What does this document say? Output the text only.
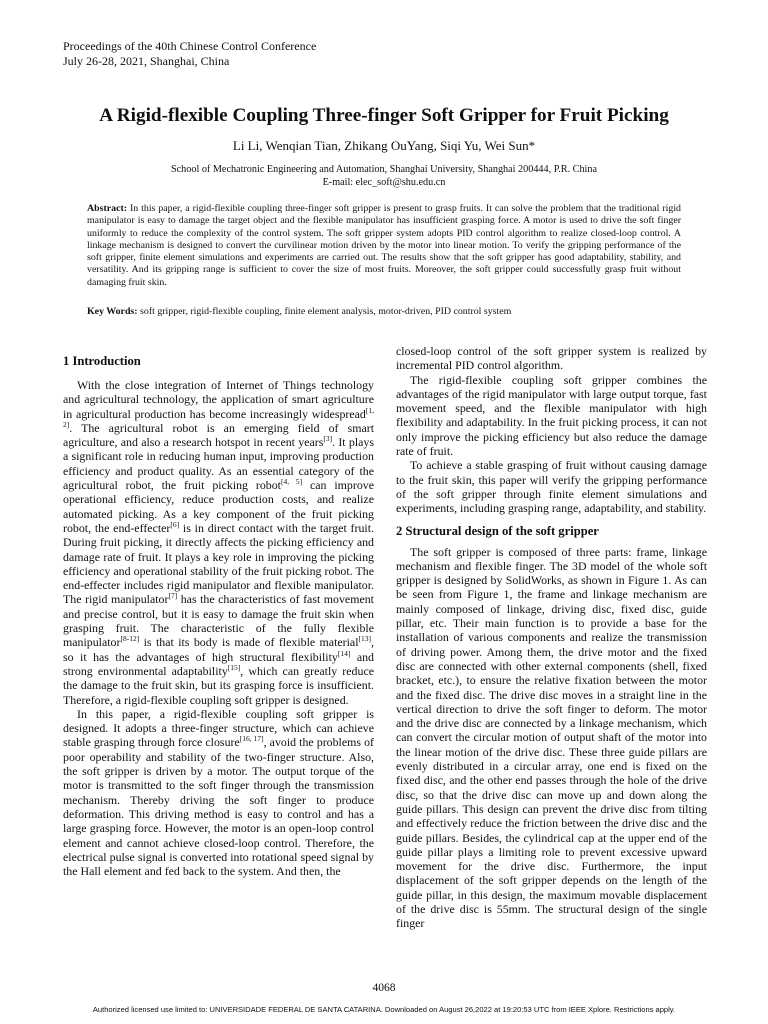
Proceedings of the 40th Chinese Control Conference
July 26-28, 2021, Shanghai, China
A Rigid-flexible Coupling Three-finger Soft Gripper for Fruit Picking
Li Li, Wenqian Tian, Zhikang OuYang, Siqi Yu, Wei Sun*
School of Mechatronic Engineering and Automation, Shanghai University, Shanghai 200444, P.R. China
E-mail: elec_soft@shu.edu.cn

Abstract: In this paper, a rigid-flexible coupling three-finger soft gripper is present to grasp fruits. It can solve the problem that the traditional rigid manipulator is easy to damage the target object and the flexible manipulator has insufficient grasping force. A motor is used to drive the soft finger uniformly to reduce the complexity of the control system. The soft gripper system adopts PID control algorithm to realize closed-loop control. A linkage mechanism is designed to convert the curvilinear motion driven by the motor into linear motion. To verify the gripping performance of the soft gripper, finite element simulations and experiments are carried out. The results show that the soft gripper has good adaptability, stability, and versatility. And its gripping range is sufficient to cover the size of most fruits. Moreover, the soft gripper could successfully grasp fruit without damaging fruit skin.

Key Words: soft gripper, rigid-flexible coupling, finite element analysis, motor-driven, PID control system
1 Introduction

With the close integration of Internet of Things technology and agricultural technology, the application of smart agriculture in agricultural production has become increasingly widespread[1, 2]. The agricultural robot is an emerging field of smart agriculture, and also a research hotspot in recent years[3]. It plays a significant role in reducing human input, improving production efficiency and product quality. As an essential category of the agricultural robot, the fruit picking robot[4, 5] can improve operational efficiency, reduce production costs, and realize automated picking. As a key component of the fruit picking robot, the end-effecter[6] is in direct contact with the target fruit. During fruit picking, it directly affects the picking efficiency and damage rate of fruit. It plays a key role in improving the picking efficiency and operational stability of the fruit picking robot. The end-effecter includes rigid manipulator and flexible manipulator. The rigid manipulator[7] has the characteristics of fast movement and precise control, but it is easy to damage the fruit skin when grasping fruit. The characteristic of the fully flexible manipulator[8-12] is that its body is made of flexible material[13], so it has the advantages of high structural flexibility[14] and strong environmental adaptability[15], which can greatly reduce the damage to the fruit skin, but its grasping force is insufficient. Therefore, a rigid-flexible coupling soft gripper is designed.

In this paper, a rigid-flexible coupling soft gripper is designed. It adopts a three-finger structure, which can achieve stable grasping through force closure[16, 17], avoid the problems of poor operability and stability of the two-finger structure. Also, the soft gripper is driven by a motor. The output torque of the motor is transmitted to the soft finger through the transmission mechanism. Thereby driving the soft finger to produce deformation. This driving method is easy to control and has a large grasping force. However, the motor is an open-loop control element and cannot achieve closed-loop control. Therefore, the electrical pulse signal is converted into rotational speed signal by the Hall element and fed back to the system. And then, the

closed-loop control of the soft gripper system is realized by incremental PID control algorithm.

The rigid-flexible coupling soft gripper combines the advantages of the rigid manipulator with large output torque, fast movement speed, and the flexible manipulator with high flexibility and adaptability. In the fruit picking process, it can not only improve the picking efficiency but also reduce the damage rate of fruit.

To achieve a stable grasping of fruit without causing damage to the fruit skin, this paper will verify the gripping performance of the soft gripper through finite element simulations and experiments, including grasping range, adaptability, and stability.

2 Structural design of the soft gripper

The soft gripper is composed of three parts: frame, linkage mechanism and flexible finger. The 3D model of the whole soft gripper is designed by SolidWorks, as shown in Figure 1. As can be seen from Figure 1, the frame and linkage mechanism are mainly composed of linkage, driving disc, fixed disc, guide pillar, etc. Their main function is to provide a base for the installation of various components and realize the transmission of driving power. Among them, the drive motor and the fixed disc are connected with other external components (shell, fixed bracket, etc.), to ensure the relative fixation between the motor and the fixed disc. The drive disc moves in a straight line in the vertical direction to drive the soft finger to deform. The motor and the drive disc are connected by a linkage mechanism, which can convert the circular motion of output shaft of the motor into the linear motion of the drive disc. These three guide pillars are evenly distributed in a circular array, one end is fixed on the fixed disc, and the other end passes through the hole of the drive disc, so that the drive disc can move up and down along the guide pillars. This design can prevent the drive disc from tilting and effectively reduce the friction between the drive disc and the guide pillars. Besides, the cylindrical cap at the upper end of the guide pillar plays a limiting role to prevent excessive upward movement for the drive disc. Furthermore, the input displacement of the soft gripper depends on the length of the guide pillar, in this design, the maximum movable displacement of the drive disc is 55mm. The structural design of the single finger

4068
Authorized licensed use limited to: UNIVERSIDADE FEDERAL DE SANTA CATARINA. Downloaded on August 26,2022 at 19:20:53 UTC from IEEE Xplore. Restrictions apply.
